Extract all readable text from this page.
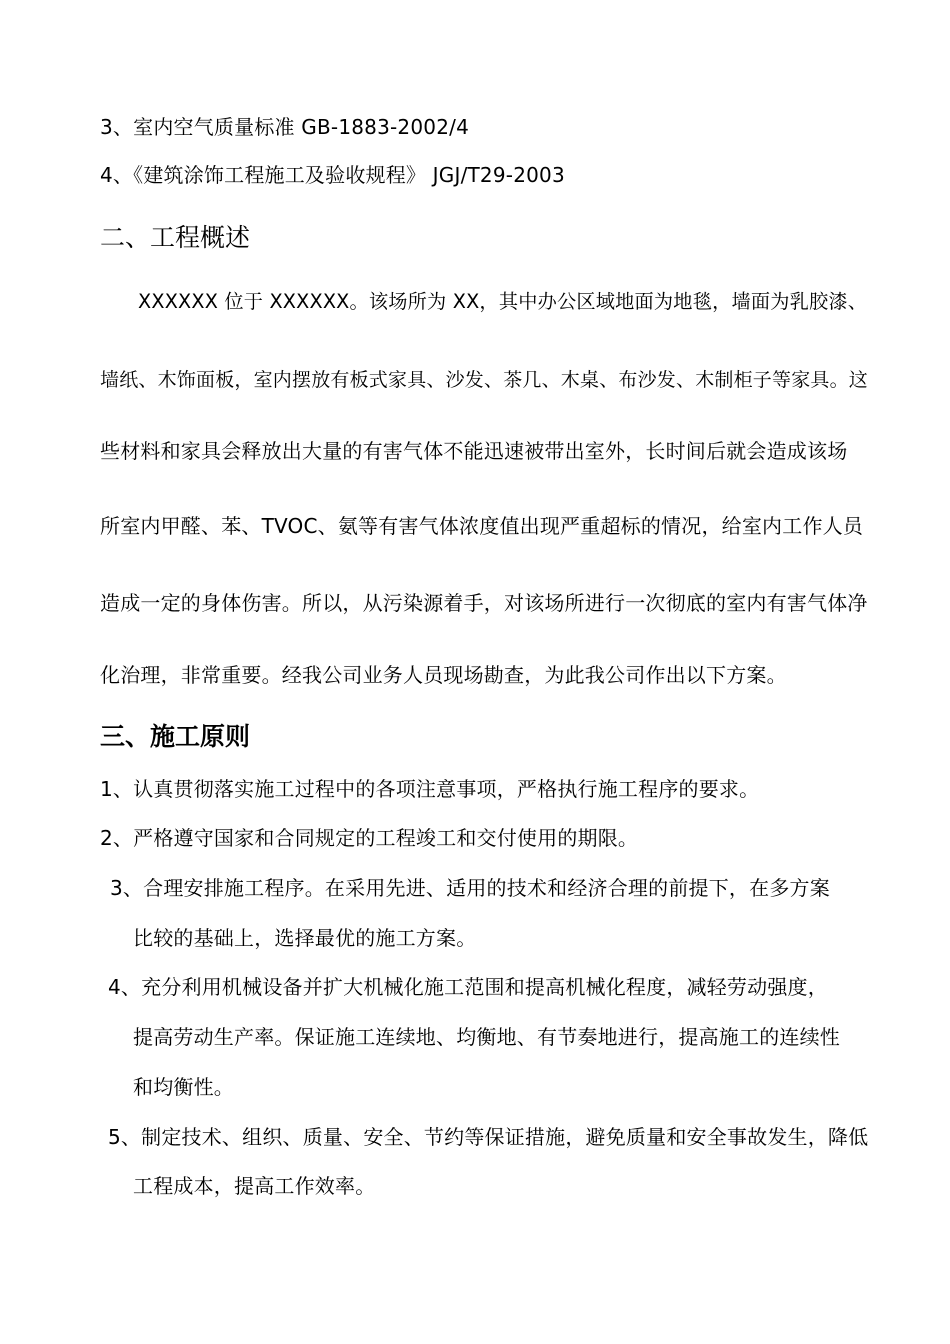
3、室内空气质量标准 GB-1883-2002/4
4、《建筑涂饰工程施工及验收规程》 JGJ/T29-2003
二、工程概述
XXXXXX 位于 XXXXXX。该场所为 XX，其中办公区域地面为地毯，墙面为乳胶漆、
墙纸、木饰面板，室内摆放有板式家具、沙发、茶几、木桌、布沙发、木制柜子等家具。这
些材料和家具会释放出大量的有害气体不能迅速被带出室外，长时间后就会造成该场
所室内甲醛、苯、TVOC、氨等有害气体浓度值出现严重超标的情况，给室内工作人员
造成一定的身体伤害。所以，从污染源着手，对该场所进行一次彻底的室内有害气体净
化治理，非常重要。经我公司业务人员现场勘查，为此我公司作出以下方案。
三、施工原则
1、认真贯彻落实施工过程中的各项注意事项，严格执行施工程序的要求。
2、严格遵守国家和合同规定的工程竣工和交付使用的期限。
3、合理安排施工程序。在采用先进、适用的技术和经济合理的前提下，在多方案
比较的基础上，选择最优的施工方案。
4、充分利用机械设备并扩大机械化施工范围和提高机械化程度，减轻劳动强度，
提高劳动生产率。保证施工连续地、均衡地、有节奏地进行，提高施工的连续性
和均衡性。
5、制定技术、组织、质量、安全、节约等保证措施，避免质量和安全事故发生，降低
工程成本，提高工作效率。
